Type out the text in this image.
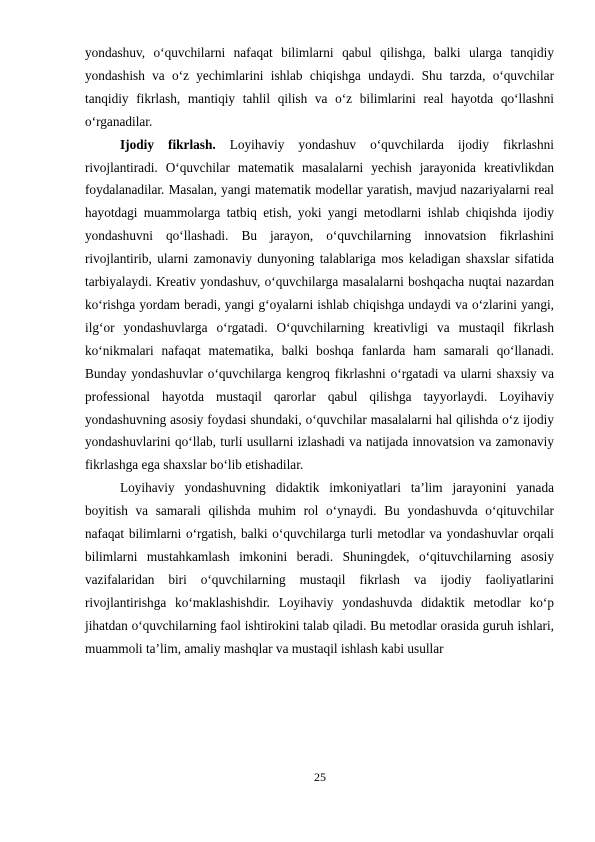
yondashuv, o‘quvchilarni nafaqat bilimlarni qabul qilishga, balki ularga tanqidiy yondashish va o‘z yechimlarini ishlab chiqishga undaydi. Shu tarzda, o‘quvchilar tanqidiy fikrlash, mantiqiy tahlil qilish va o‘z bilimlarini real hayotda qo‘llashni o‘rganadilar.

Ijodiy fikrlash. Loyihaviy yondashuv o‘quvchilarda ijodiy fikrlashni rivojlantiradi. O‘quvchilar matematik masalalarni yechish jarayonida kreativlikdan foydalanadilar. Masalan, yangi matematik modellar yaratish, mavjud nazariyalarni real hayotdagi muammolarga tatbiq etish, yoki yangi metodlarni ishlab chiqishda ijodiy yondashuvni qo‘llashadi. Bu jarayon, o‘quvchilarning innovatsion fikrlashini rivojlantirib, ularni zamonaviy dunyoning talablariga mos keladigan shaxslar sifatida tarbiyalaydi. Kreativ yondashuv, o‘quvchilarga masalalarni boshqacha nuqtai nazardan ko‘rishga yordam beradi, yangi g‘oyalarni ishlab chiqishga undaydi va o‘zlarini yangi, ilg‘or yondashuvlarga o‘rgatadi. O‘quvchilarning kreativligi va mustaqil fikrlash ko‘nikmalari nafaqat matematika, balki boshqa fanlarda ham samarali qo‘llanadi. Bunday yondashuvlar o‘quvchilarga kengroq fikrlashni o‘rgatadi va ularni shaxsiy va professional hayotda mustaqil qarorlar qabul qilishga tayyorlaydi. Loyihaviy yondashuvning asosiy foydasi shundaki, o‘quvchilar masalalarni hal qilishda o‘z ijodiy yondashuvlarini qo‘llab, turli usullarni izlashadi va natijada innovatsion va zamonaviy fikrlashga ega shaxslar bo‘lib etishadilar.

Loyihaviy yondashuvning didaktik imkoniyatlari ta’lim jarayonini yanada boyitish va samarali qilishda muhim rol o‘ynaydi. Bu yondashuvda o‘qituvchilar nafaqat bilimlarni o‘rgatish, balki o‘quvchilarga turli metodlar va yondashuvlar orqali bilimlarni mustahkamlash imkonini beradi. Shuningdek, o‘qituvchilarning asosiy vazifalaridan biri o‘quvchilarning mustaqil fikrlash va ijodiy faoliyatlarini rivojlantirishga ko‘maklashishdir. Loyihaviy yondashuvda didaktik metodlar ko‘p jihatdan o‘quvchilarning faol ishtirokini talab qiladi. Bu metodlar orasida guruh ishlari, muammoli ta’lim, amaliy mashqlar va mustaqil ishlash kabi usullar

25
